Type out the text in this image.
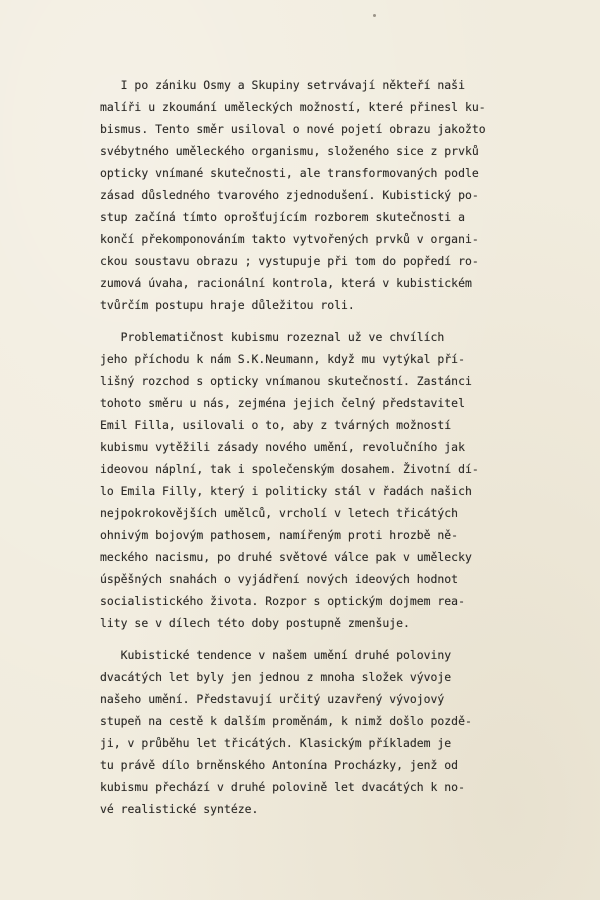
I po zániku Osmy a Skupiny setrvávají někteří naši
malíři u zkoumání uměleckých možností, které přinesl ku-
bismus. Tento směr usiloval o nové pojetí obrazu jakožto
svébytného uměleckého organismu, složeného sice z prvků
opticky vnímané skutečnosti, ale transformovaných podle
zásad důsledného tvarového zjednodušení. Kubistický po-
stup začíná tímto oprošťujícím rozborem skutečnosti a
končí překomponováním takto vytvořených prvků v organi-
ckou soustavu obrazu ; vystupuje při tom do popředí ro-
zumová úvaha, racionální kontrola, která v kubistickém
tvůrčím postupu hraje důležitou roli.
Problematičnost kubismu rozeznal už ve chvílích
jeho příchodu k nám S.K.Neumann, když mu vytýkal pří-
lišný rozchod s opticky vnímanou skutečností. Zastánci
tohoto směru u nás, zejména jejich čelný představitel
Emil Filla, usilovali o to, aby z tvárných možností
kubismu vytěžili zásady nového umění, revolučního jak
ideovou náplní, tak i společenským dosahem. Životní dí-
lo Emila Filly, který i politicky stál v řadách našich
nejpokrokovějších umělců, vrcholí v letech třicátých
ohnivým bojovým pathosem, namířeným proti hrozbě ně-
meckého nacismu, po druhé světové válce pak v umělecky
úspěšných snahách o vyjádření nových ideových hodnot
socialistického života. Rozpor s optickým dojmem rea-
lity se v dílech této doby postupně zmenšuje.
Kubistické tendence v našem umění druhé poloviny
dvacátých let byly jen jednou z mnoha složek vývoje
našeho umění. Představují určitý uzavřený vývojový
stupeň na cestě k dalším proměnám, k nimž došlo pozdě-
ji, v průběhu let třicátých. Klasickým příkladem je
tu právě dílo brněnského Antonína Procházky, jenž od
kubismu přechází v druhé polovině let dvacátých k no-
vé realistické syntéze.
